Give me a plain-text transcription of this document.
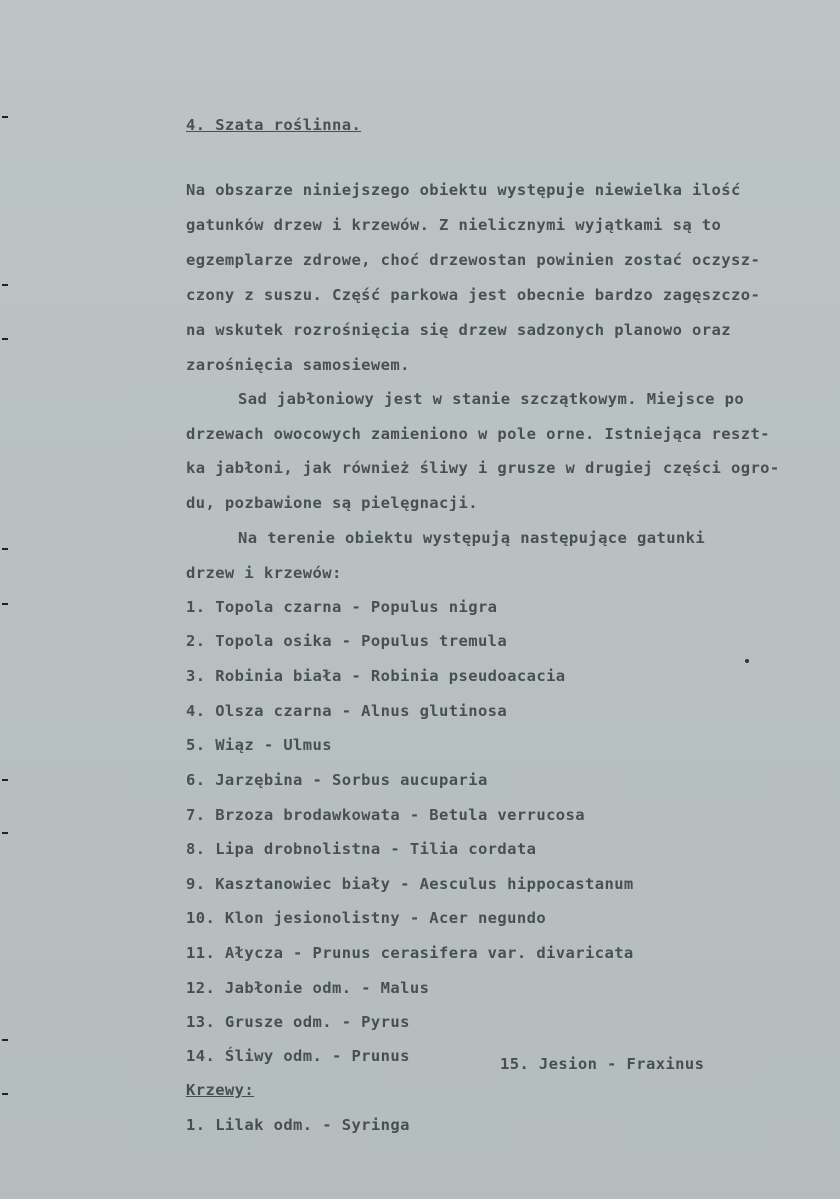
4. Szata roślinna.
Na obszarze niniejszego obiektu występuje niewielka ilość
gatunków drzew i krzewów. Z nielicznymi wyjątkami są to
egzemplarze zdrowe, choć drzewostan powinien zostać oczysz-
czony z suszu. Część parkowa jest obecnie bardzo zagęszczo-
na wskutek rozrośnięcia się drzew sadzonych planowo oraz
zarośnięcia samosiewem.
Sad jabłoniowy jest w stanie szczątkowym. Miejsce po
drzewach owocowych zamieniono w pole orne. Istniejąca reszt-
ka jabłoni, jak również śliwy i grusze w drugiej części ogro-
du, pozbawione są pielęgnacji.
Na terenie obiektu występują następujące gatunki
drzew i krzewów:
1. Topola czarna - Populus nigra
2. Topola osika - Populus tremula
3. Robinia biała - Robinia pseudoacacia
4. Olsza czarna - Alnus glutinosa
5. Wiąz - Ulmus
6. Jarzębina - Sorbus aucuparia
7. Brzoza brodawkowata - Betula verrucosa
8. Lipa drobnolistna - Tilia cordata
9. Kasztanowiec biały - Aesculus hippocastanum
10. Klon jesionolistny - Acer negundo
11. Ałycza - Prunus cerasifera var. divaricata
12. Jabłonie odm. - Malus
13. Grusze odm. - Pyrus
14. Śliwy odm. - Prunus	15. Jesion - Fraxinus
Krzewy:
1. Lilak odm. - Syringa
